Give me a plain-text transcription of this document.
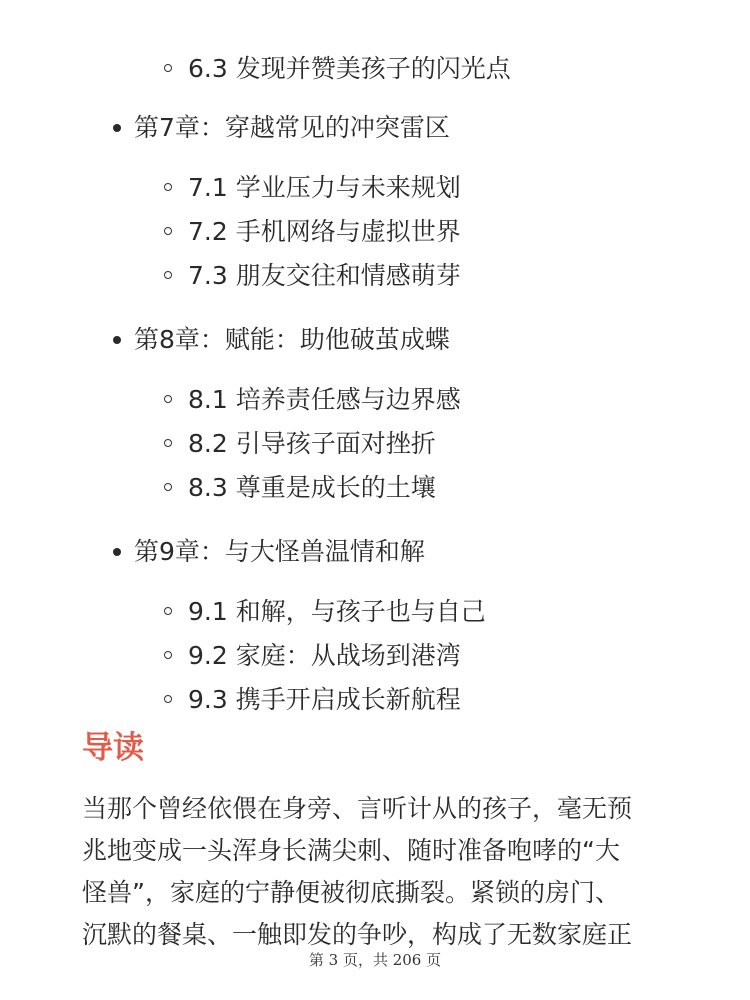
6.3 发现并赞美孩子的闪光点
第7章：穿越常见的冲突雷区
7.1 学业压力与未来规划
7.2 手机网络与虚拟世界
7.3 朋友交往和情感萌芽
第8章：赋能：助他破茧成蝶
8.1 培养责任感与边界感
8.2 引导孩子面对挫折
8.3 尊重是成长的土壤
第9章：与大怪兽温情和解
9.1 和解，与孩子也与自己
9.2 家庭：从战场到港湾
9.3 携手开启成长新航程
导读
当那个曾经依偎在身旁、言听计从的孩子，毫无预
兆地变成一头浑身长满尖刺、随时准备咆哮的“大
怪兽”，家庭的宁静便被彻底撕裂。紧锁的房门、
沉默的餐桌、一触即发的争吵，构成了无数家庭正
第 3 页，共 206 页
